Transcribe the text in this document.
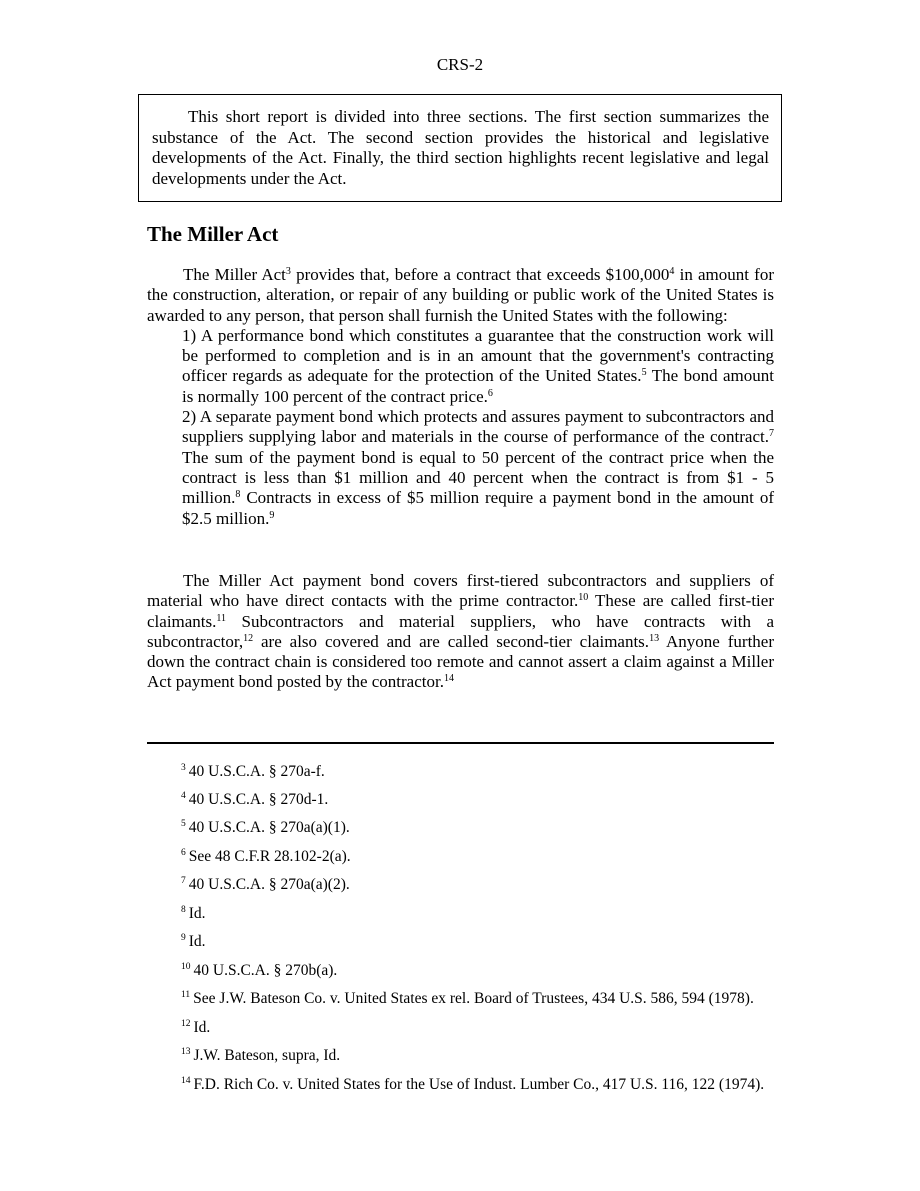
CRS-2

This short report is divided into three sections. The first section summarizes the substance of the Act. The second section provides the historical and legislative developments of the Act. Finally, the third section highlights recent legislative and legal developments under the Act.

The Miller Act

The Miller Act$^3$ provides that, before a contract that exceeds $100,000$^4$ in amount for the construction, alteration, or repair of any building or public work of the United States is awarded to any person, that person shall furnish the United States with the following:

1) A performance bond which constitutes a guarantee that the construction work will be performed to completion and is in an amount that the government's contracting officer regards as adequate for the protection of the United States.$^5$ The bond amount is normally 100 percent of the contract price.$^6$

2) A separate payment bond which protects and assures payment to subcontractors and suppliers supplying labor and materials in the course of performance of the contract.$^7$ The sum of the payment bond is equal to 50 percent of the contract price when the contract is less than $1 million and 40 percent when the contract is from $1 - 5 million.$^8$ Contracts in excess of $5 million require a payment bond in the amount of $2.5 million.$^9$

The Miller Act payment bond covers first-tiered subcontractors and suppliers of material who have direct contacts with the prime contractor.$^{10}$ These are called first-tier claimants.$^{11}$ Subcontractors and material suppliers, who have contracts with a subcontractor,$^{12}$ are also covered and are called second-tier claimants.$^{13}$ Anyone further down the contract chain is considered too remote and cannot assert a claim against a Miller Act payment bond posted by the contractor.$^{14}$

$^3$ 40 U.S.C.A. § 270a-f.
$^4$ 40 U.S.C.A. § 270d-1.
$^5$ 40 U.S.C.A. § 270a(a)(1).
$^6$ See 48 C.F.R 28.102-2(a).
$^7$ 40 U.S.C.A. § 270a(a)(2).
$^8$ Id.
$^9$ Id.
$^{10}$ 40 U.S.C.A. § 270b(a).
$^{11}$ See J.W. Bateson Co. v. United States ex rel. Board of Trustees, 434 U.S. 586, 594 (1978).
$^{12}$ Id.
$^{13}$ J.W. Bateson, supra, Id.
$^{14}$ F.D. Rich Co. v. United States for the Use of Indust. Lumber Co., 417 U.S. 116, 122 (1974).
